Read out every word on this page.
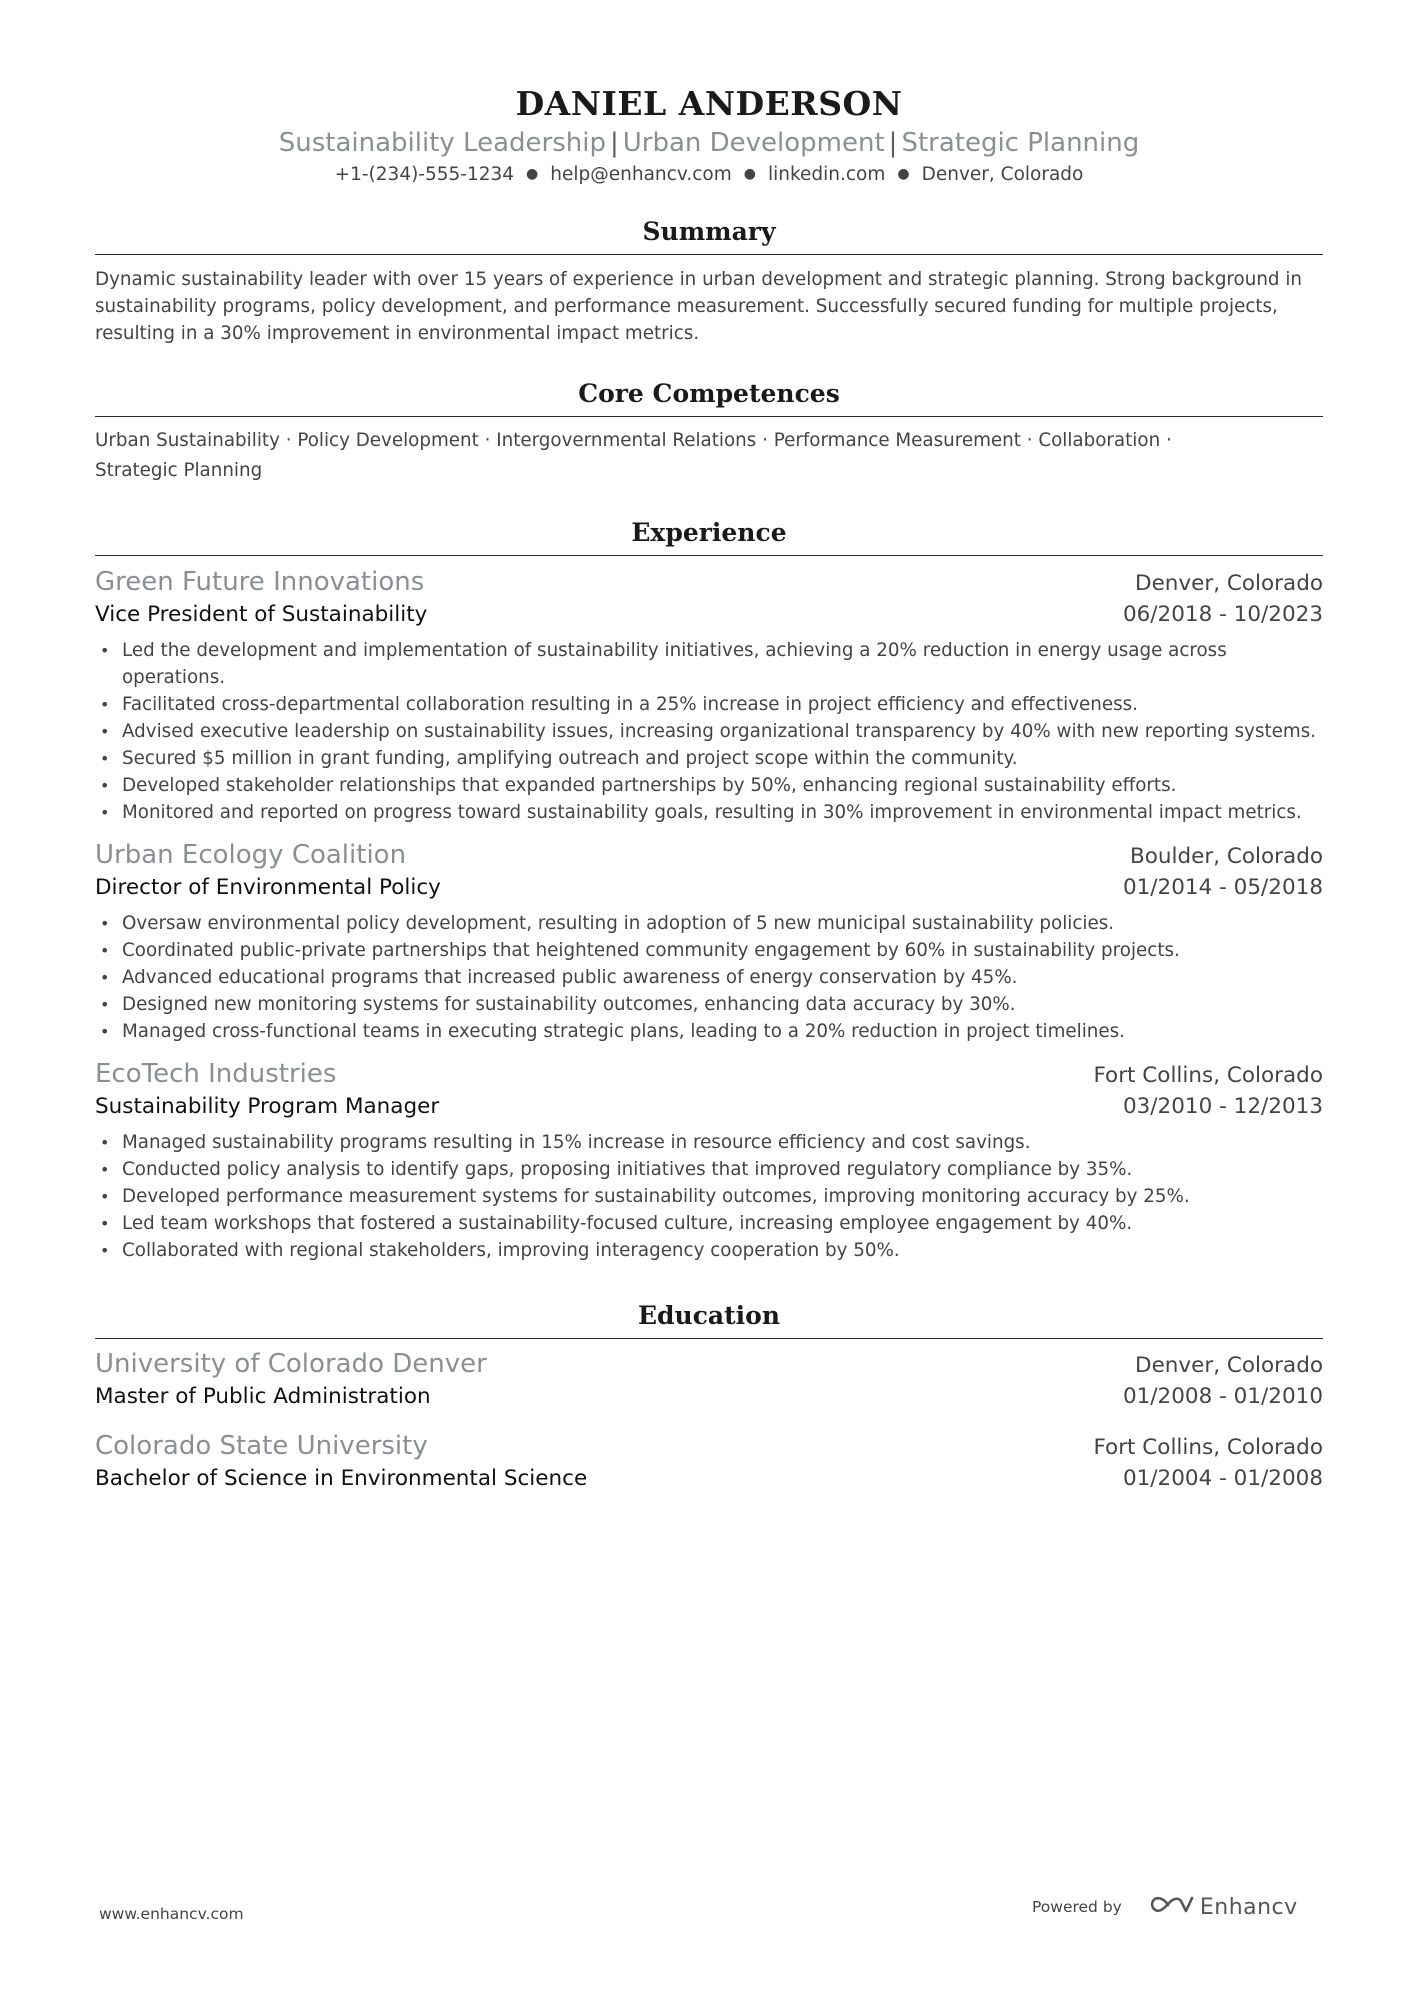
DANIEL ANDERSON
Sustainability Leadership | Urban Development | Strategic Planning
+1-(234)-555-1234 ● help@enhancv.com ● linkedin.com ● Denver, Colorado
Summary
Dynamic sustainability leader with over 15 years of experience in urban development and strategic planning. Strong background in sustainability programs, policy development, and performance measurement. Successfully secured funding for multiple projects, resulting in a 30% improvement in environmental impact metrics.
Core Competences
Urban Sustainability · Policy Development · Intergovernmental Relations · Performance Measurement · Collaboration · Strategic Planning
Experience
Green Future Innovations	Denver, Colorado
Vice President of Sustainability	06/2018 - 10/2023
• Led the development and implementation of sustainability initiatives, achieving a 20% reduction in energy usage across operations.
• Facilitated cross-departmental collaboration resulting in a 25% increase in project efficiency and effectiveness.
• Advised executive leadership on sustainability issues, increasing organizational transparency by 40% with new reporting systems.
• Secured $5 million in grant funding, amplifying outreach and project scope within the community.
• Developed stakeholder relationships that expanded partnerships by 50%, enhancing regional sustainability efforts.
• Monitored and reported on progress toward sustainability goals, resulting in 30% improvement in environmental impact metrics.
Urban Ecology Coalition	Boulder, Colorado
Director of Environmental Policy	01/2014 - 05/2018
• Oversaw environmental policy development, resulting in adoption of 5 new municipal sustainability policies.
• Coordinated public-private partnerships that heightened community engagement by 60% in sustainability projects.
• Advanced educational programs that increased public awareness of energy conservation by 45%.
• Designed new monitoring systems for sustainability outcomes, enhancing data accuracy by 30%.
• Managed cross-functional teams in executing strategic plans, leading to a 20% reduction in project timelines.
EcoTech Industries	Fort Collins, Colorado
Sustainability Program Manager	03/2010 - 12/2013
• Managed sustainability programs resulting in 15% increase in resource efficiency and cost savings.
• Conducted policy analysis to identify gaps, proposing initiatives that improved regulatory compliance by 35%.
• Developed performance measurement systems for sustainability outcomes, improving monitoring accuracy by 25%.
• Led team workshops that fostered a sustainability-focused culture, increasing employee engagement by 40%.
• Collaborated with regional stakeholders, improving interagency cooperation by 50%.
Education
University of Colorado Denver	Denver, Colorado
Master of Public Administration	01/2008 - 01/2010
Colorado State University	Fort Collins, Colorado
Bachelor of Science in Environmental Science	01/2004 - 01/2008
www.enhancv.com	Powered by	Enhancv
